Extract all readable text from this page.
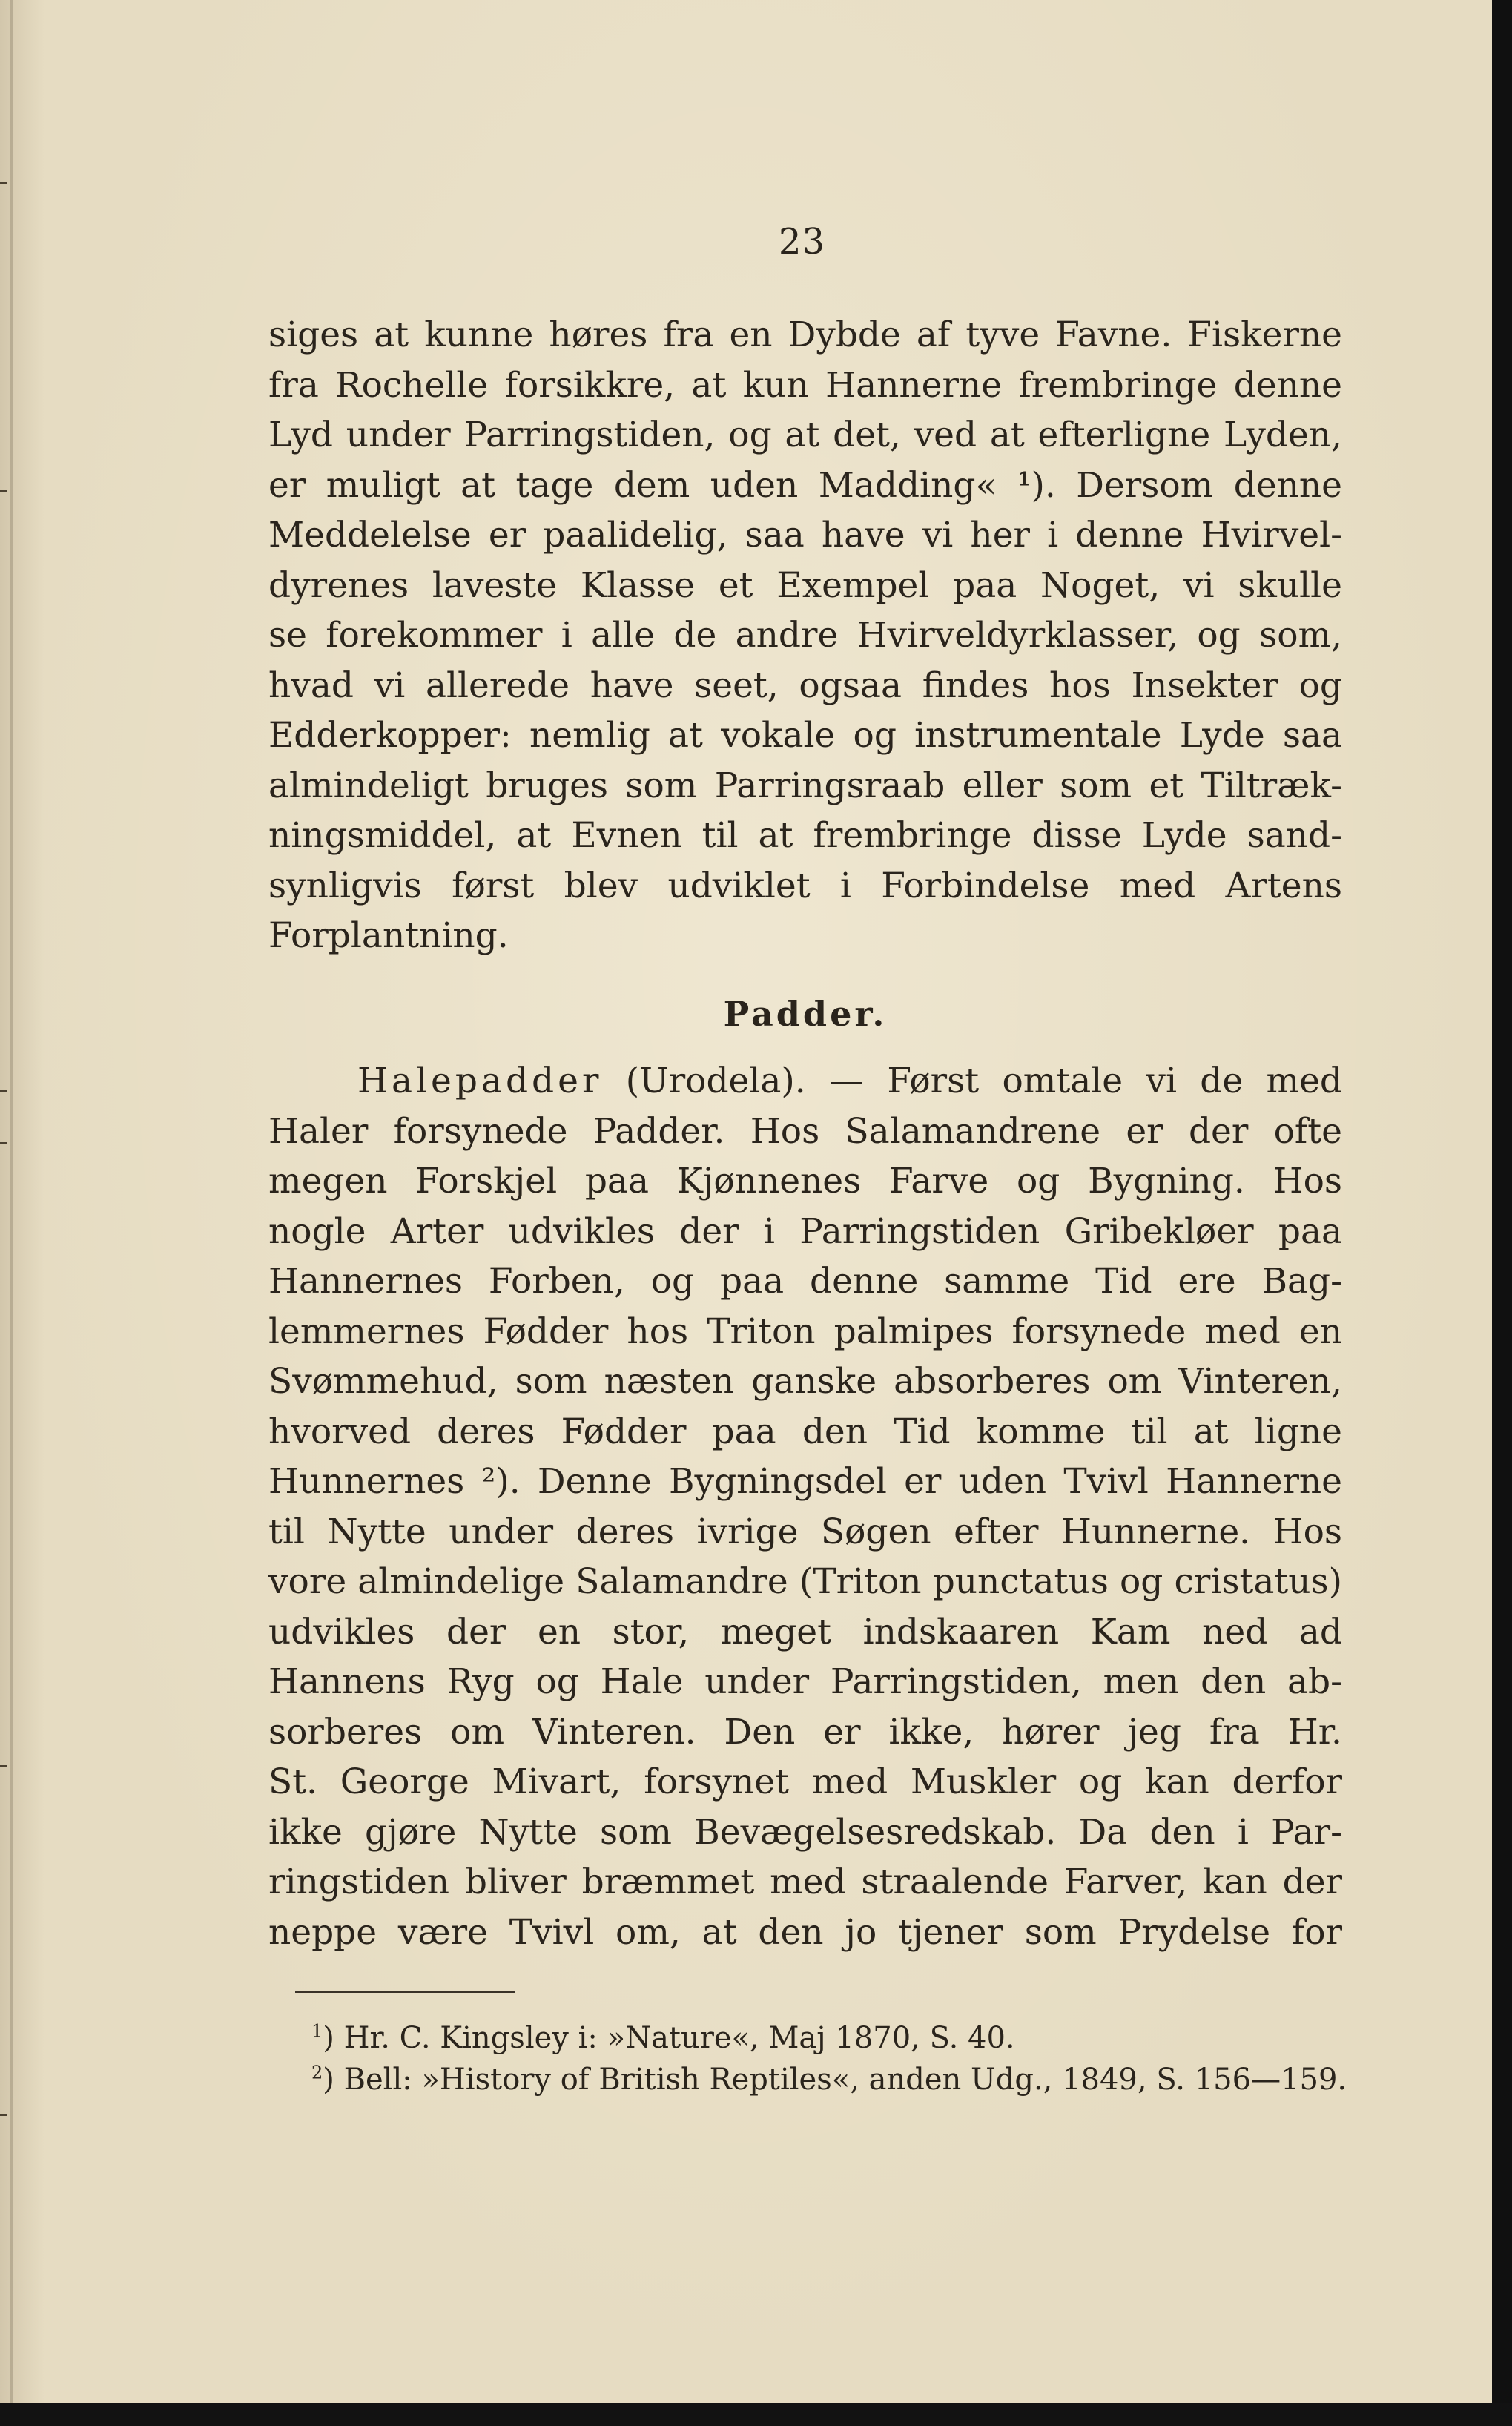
23
siges at kunne høres fra en Dybde af tyve Favne. Fiskerne
fra Rochelle forsikkre, at kun Hannerne frembringe denne
Lyd under Parringstiden, og at det, ved at efterligne Lyden,
er muligt at tage dem uden Madding« ¹). Dersom denne
Meddelelse er paalidelig, saa have vi her i denne Hvirvel-
dyrenes laveste Klasse et Exempel paa Noget, vi skulle
se forekommer i alle de andre Hvirveldyrklasser, og som,
hvad vi allerede have seet, ogsaa findes hos Insekter og
Edderkopper: nemlig at vokale og instrumentale Lyde saa
almindeligt bruges som Parringsraab eller som et Tiltræk-
ningsmiddel, at Evnen til at frembringe disse Lyde sand-
synligvis først blev udviklet i Forbindelse med Artens
Forplantning.
Padder.
Halepadder (Urodela). — Først omtale vi de med
Haler forsynede Padder. Hos Salamandrene er der ofte
megen Forskjel paa Kjønnenes Farve og Bygning. Hos
nogle Arter udvikles der i Parringstiden Gribekløer paa
Hannernes Forben, og paa denne samme Tid ere Bag-
lemmernes Fødder hos Triton palmipes forsynede med en
Svømmehud, som næsten ganske absorberes om Vinteren,
hvorved deres Fødder paa den Tid komme til at ligne
Hunnernes ²). Denne Bygningsdel er uden Tvivl Hannerne
til Nytte under deres ivrige Søgen efter Hunnerne. Hos
vore almindelige Salamandre (Triton punctatus og cristatus)
udvikles der en stor, meget indskaaren Kam ned ad
Hannens Ryg og Hale under Parringstiden, men den ab-
sorberes om Vinteren. Den er ikke, hører jeg fra Hr.
St. George Mivart, forsynet med Muskler og kan derfor
ikke gjøre Nytte som Bevægelsesredskab. Da den i Par-
ringstiden bliver bræmmet med straalende Farver, kan der
neppe være Tvivl om, at den jo tjener som Prydelse for
$^1$) Hr. C. Kingsley i: »Nature«, Maj 1870, S. 40.
$^2$) Bell: »History of British Reptiles«, anden Udg., 1849, S. 156—159.
